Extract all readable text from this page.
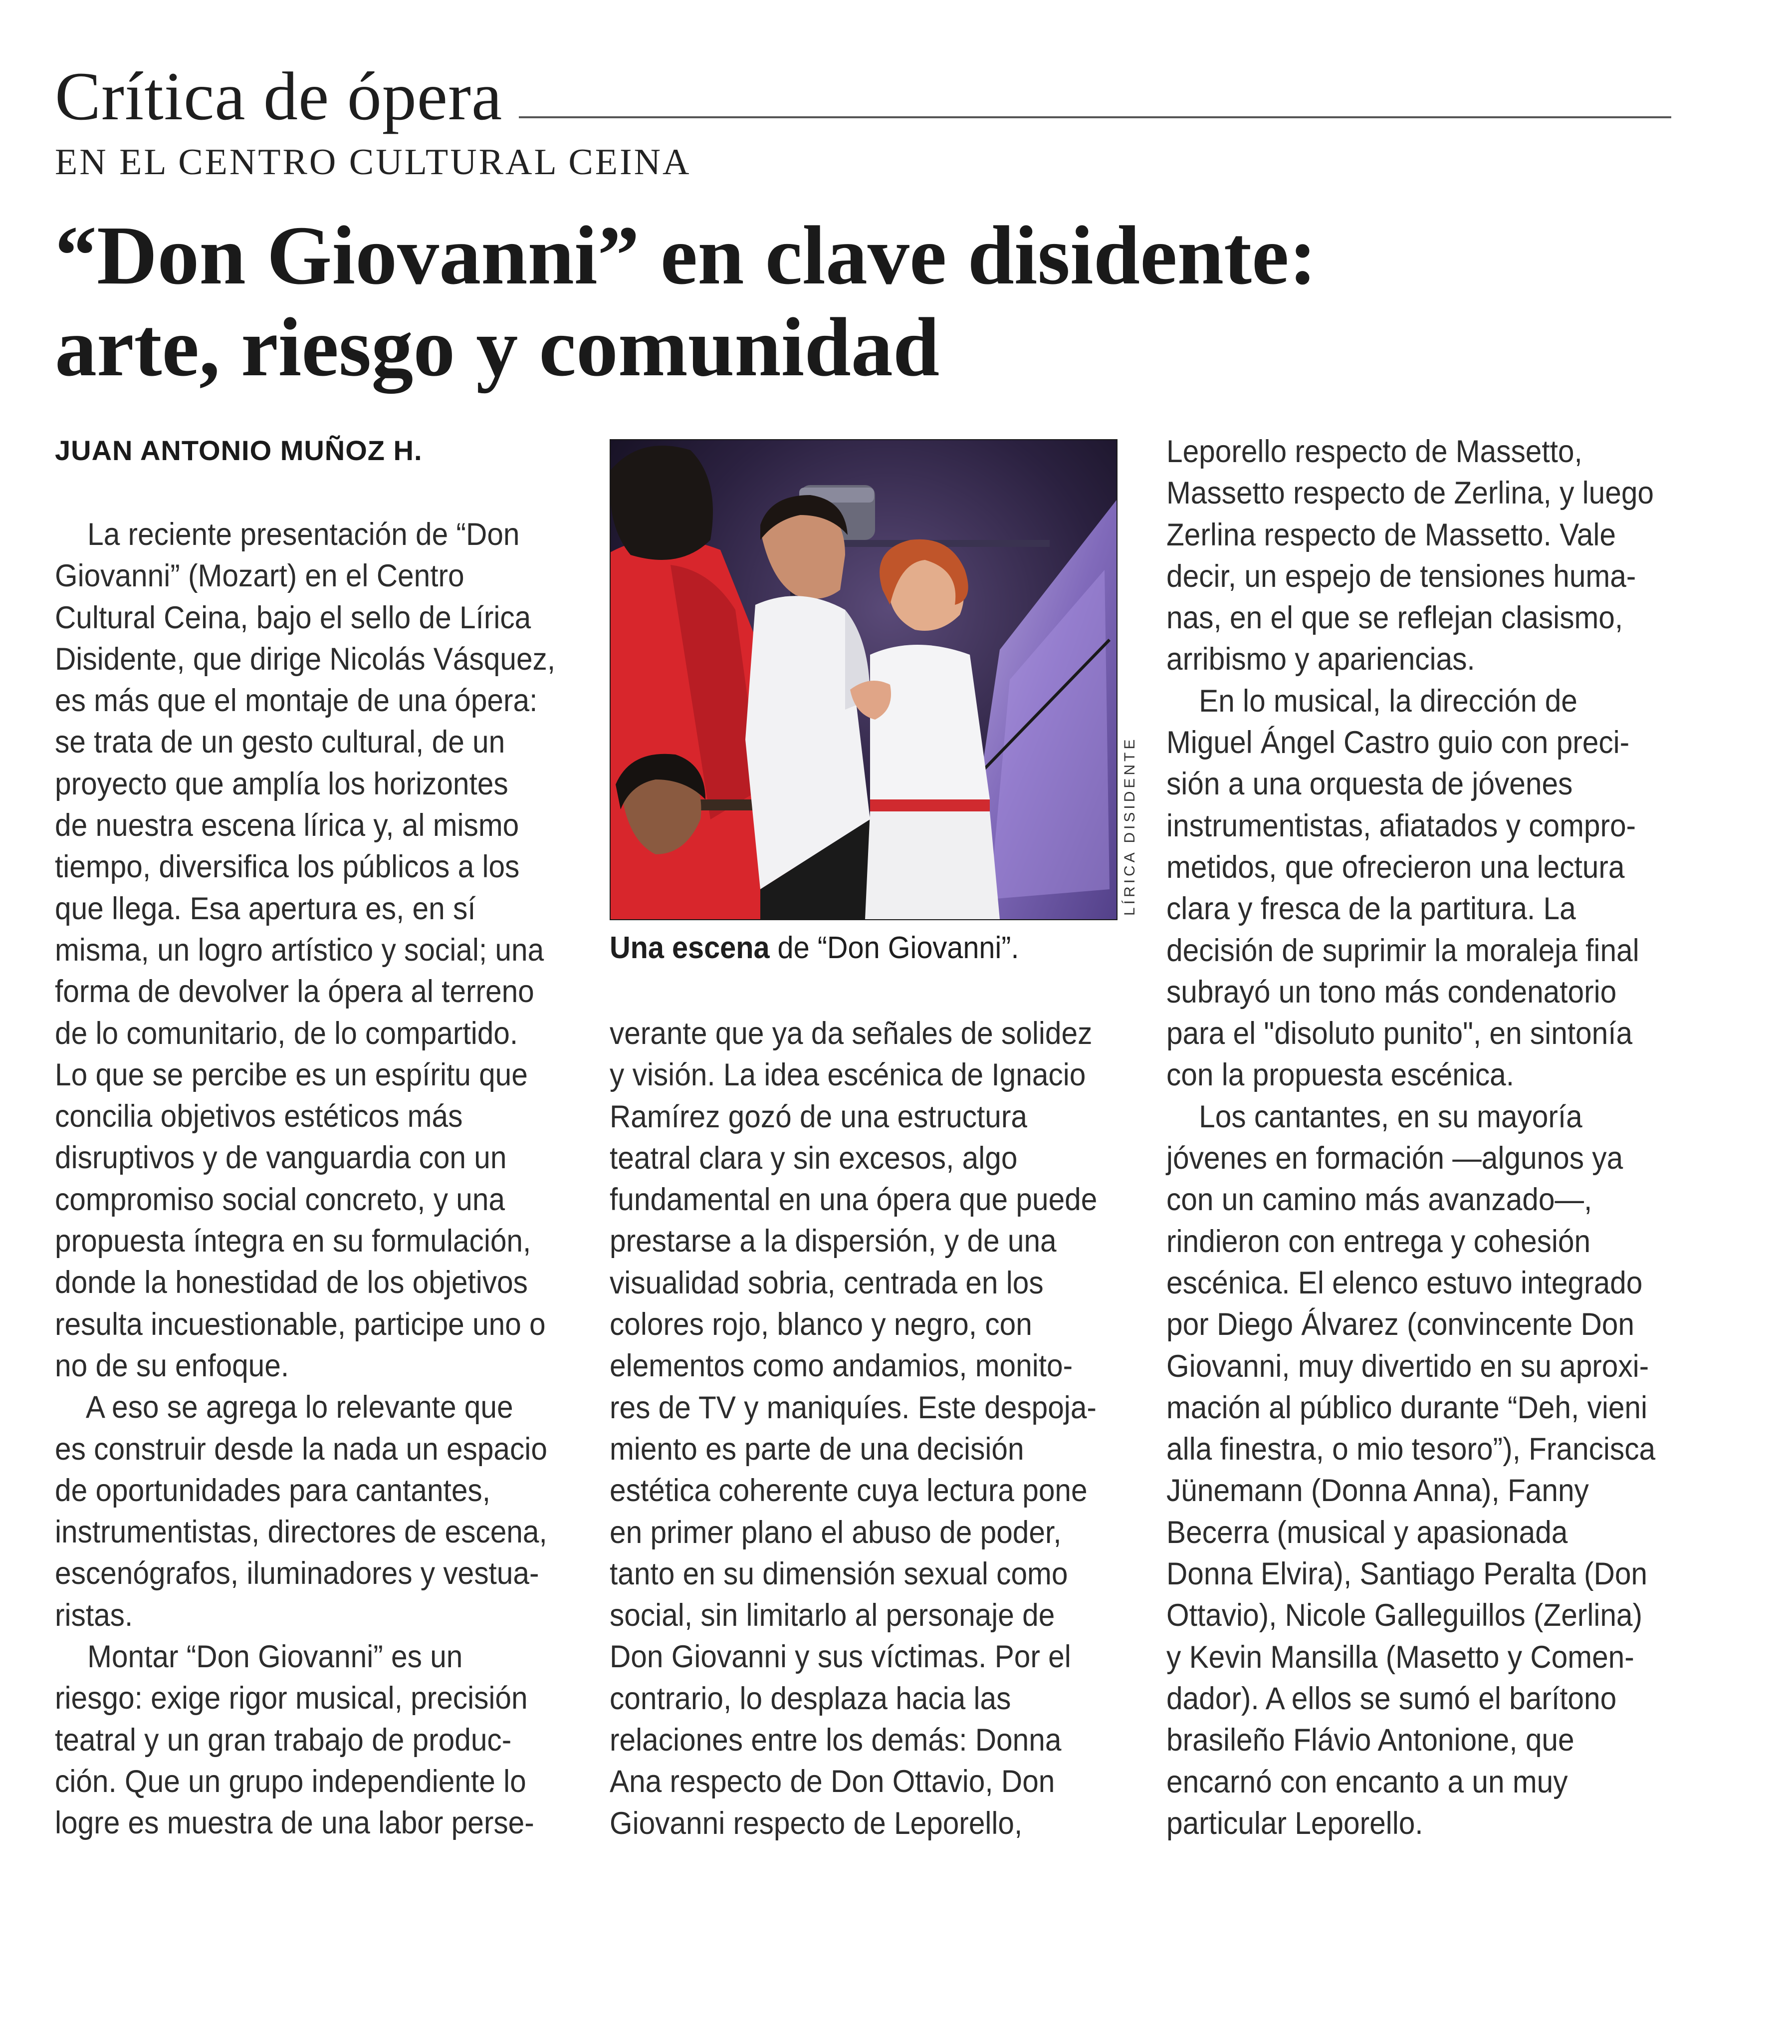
Crítica de ópera
EN EL CENTRO CULTURAL CEINA
“Don Giovanni” en clave disidente:
arte, riesgo y comunidad
JUAN ANTONIO MUÑOZ H.
La reciente presentación de “Don
Giovanni” (Mozart) en el Centro
Cultural Ceina, bajo el sello de Lírica
Disidente, que dirige Nicolás Vásquez,
es más que el montaje de una ópera:
se trata de un gesto cultural, de un
proyecto que amplía los horizontes
de nuestra escena lírica y, al mismo
tiempo, diversifica los públicos a los
que llega. Esa apertura es, en sí
misma, un logro artístico y social; una
forma de devolver la ópera al terreno
de lo comunitario, de lo compartido.
Lo que se percibe es un espíritu que
concilia objetivos estéticos más
disruptivos y de vanguardia con un
compromiso social concreto, y una
propuesta íntegra en su formulación,
donde la honestidad de los objetivos
resulta incuestionable, participe uno o
no de su enfoque.
A eso se agrega lo relevante que
es construir desde la nada un espacio
de oportunidades para cantantes,
instrumentistas, directores de escena,
escenógrafos, iluminadores y vestua-
ristas.
Montar “Don Giovanni” es un
riesgo: exige rigor musical, precisión
teatral y un gran trabajo de produc-
ción. Que un grupo independiente lo
logre es muestra de una labor perse-
LÍRICA DISIDENTE
Una escena de “Don Giovanni”.
verante que ya da señales de solidez
y visión. La idea escénica de Ignacio
Ramírez gozó de una estructura
teatral clara y sin excesos, algo
fundamental en una ópera que puede
prestarse a la dispersión, y de una
visualidad sobria, centrada en los
colores rojo, blanco y negro, con
elementos como andamios, monito-
res de TV y maniquíes. Este despoja-
miento es parte de una decisión
estética coherente cuya lectura pone
en primer plano el abuso de poder,
tanto en su dimensión sexual como
social, sin limitarlo al personaje de
Don Giovanni y sus víctimas. Por el
contrario, lo desplaza hacia las
relaciones entre los demás: Donna
Ana respecto de Don Ottavio, Don
Giovanni respecto de Leporello,
Leporello respecto de Massetto,
Massetto respecto de Zerlina, y luego
Zerlina respecto de Massetto. Vale
decir, un espejo de tensiones huma-
nas, en el que se reflejan clasismo,
arribismo y apariencias.
En lo musical, la dirección de
Miguel Ángel Castro guio con preci-
sión a una orquesta de jóvenes
instrumentistas, afiatados y compro-
metidos, que ofrecieron una lectura
clara y fresca de la partitura. La
decisión de suprimir la moraleja final
subrayó un tono más condenatorio
para el "disoluto punito", en sintonía
con la propuesta escénica.
Los cantantes, en su mayoría
jóvenes en formación —algunos ya
con un camino más avanzado—,
rindieron con entrega y cohesión
escénica. El elenco estuvo integrado
por Diego Álvarez (convincente Don
Giovanni, muy divertido en su aproxi-
mación al público durante “Deh, vieni
alla finestra, o mio tesoro”), Francisca
Jünemann (Donna Anna), Fanny
Becerra (musical y apasionada
Donna Elvira), Santiago Peralta (Don
Ottavio), Nicole Galleguillos (Zerlina)
y Kevin Mansilla (Masetto y Comen-
dador). A ellos se sumó el barítono
brasileño Flávio Antonione, que
encarnó con encanto a un muy
particular Leporello.
